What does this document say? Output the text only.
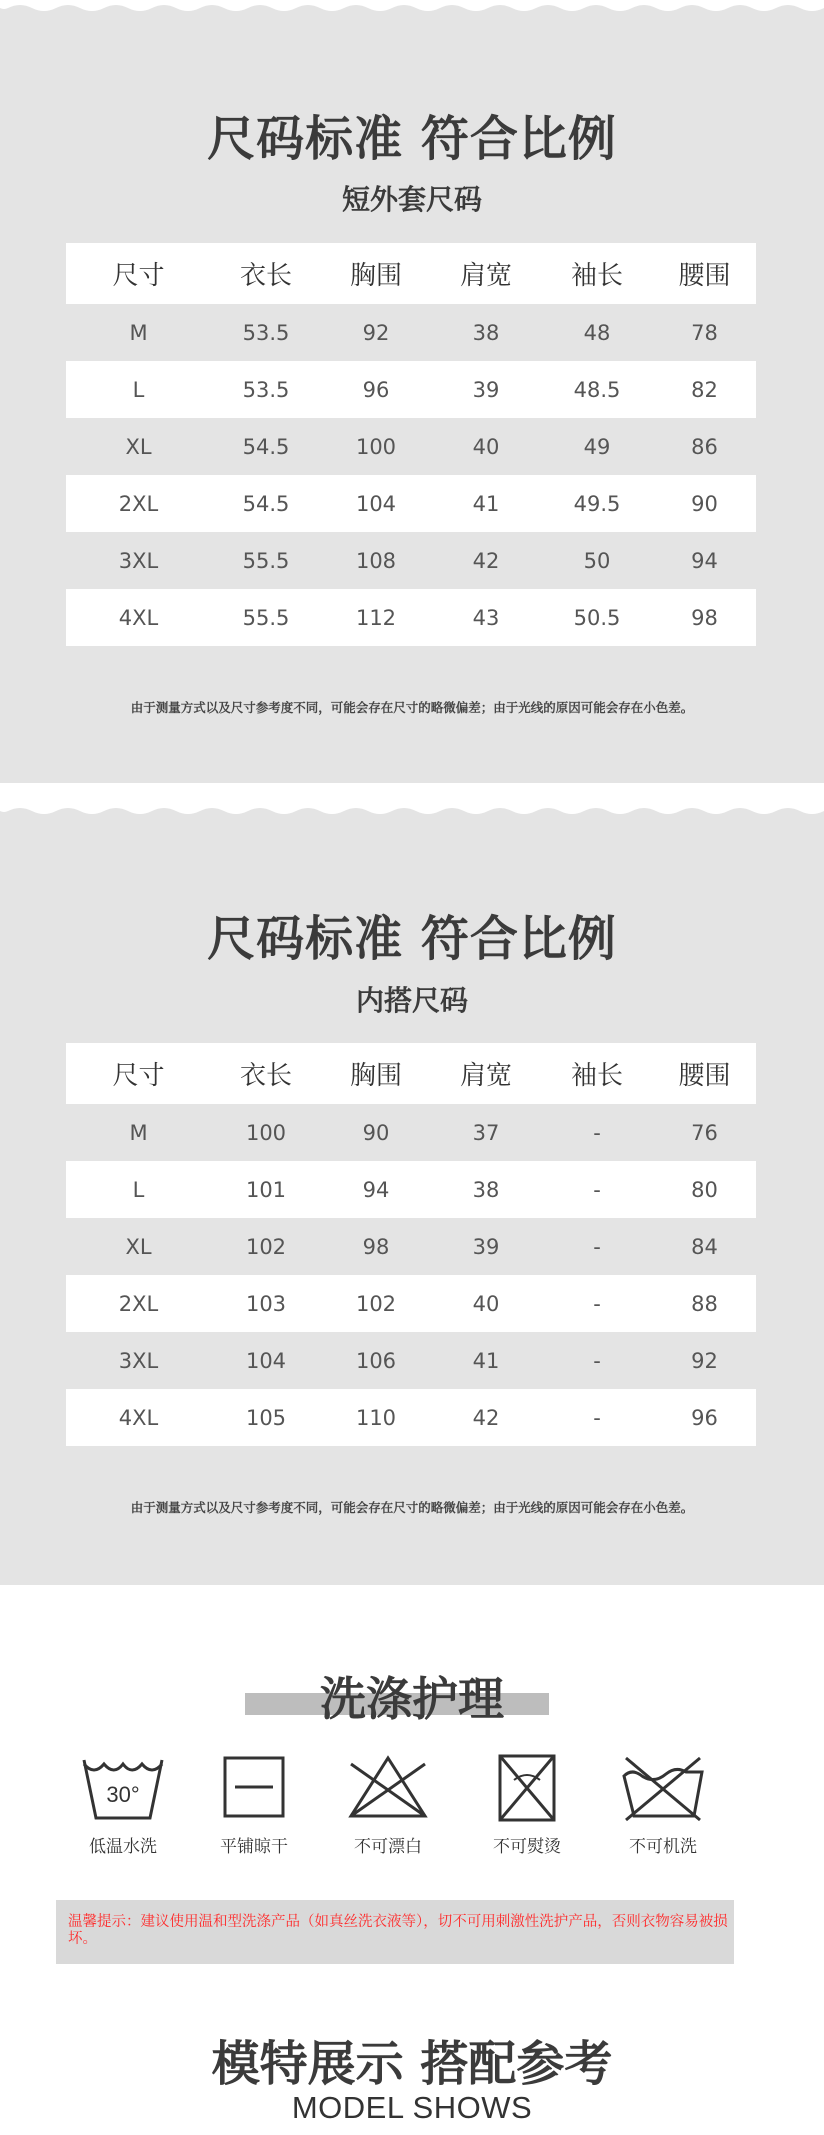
尺码标准 符合比例
短外套尺码
尺寸	衣长	胸围	肩宽	袖长	腰围
M	53.5	92	38	48	78
L	53.5	96	39	48.5	82
XL	54.5	100	40	49	86
2XL	54.5	104	41	49.5	90
3XL	55.5	108	42	50	94
4XL	55.5	112	43	50.5	98
由于测量方式以及尺寸参考度不同，可能会存在尺寸的略微偏差；由于光线的原因可能会存在小色差。
尺码标准 符合比例
内搭尺码
尺寸	衣长	胸围	肩宽	袖长	腰围
M	100	90	37	-	76
L	101	94	38	-	80
XL	102	98	39	-	84
2XL	103	102	40	-	88
3XL	104	106	41	-	92
4XL	105	110	42	-	96
由于测量方式以及尺寸参考度不同，可能会存在尺寸的略微偏差；由于光线的原因可能会存在小色差。
洗涤护理
30°
低温水洗	平铺晾干	不可漂白	不可熨烫	不可机洗
温馨提示：建议使用温和型洗涤产品（如真丝洗衣液等），切不可用刺激性洗护产品，否则衣物容易被损坏。
模特展示 搭配参考
MODEL SHOWS
